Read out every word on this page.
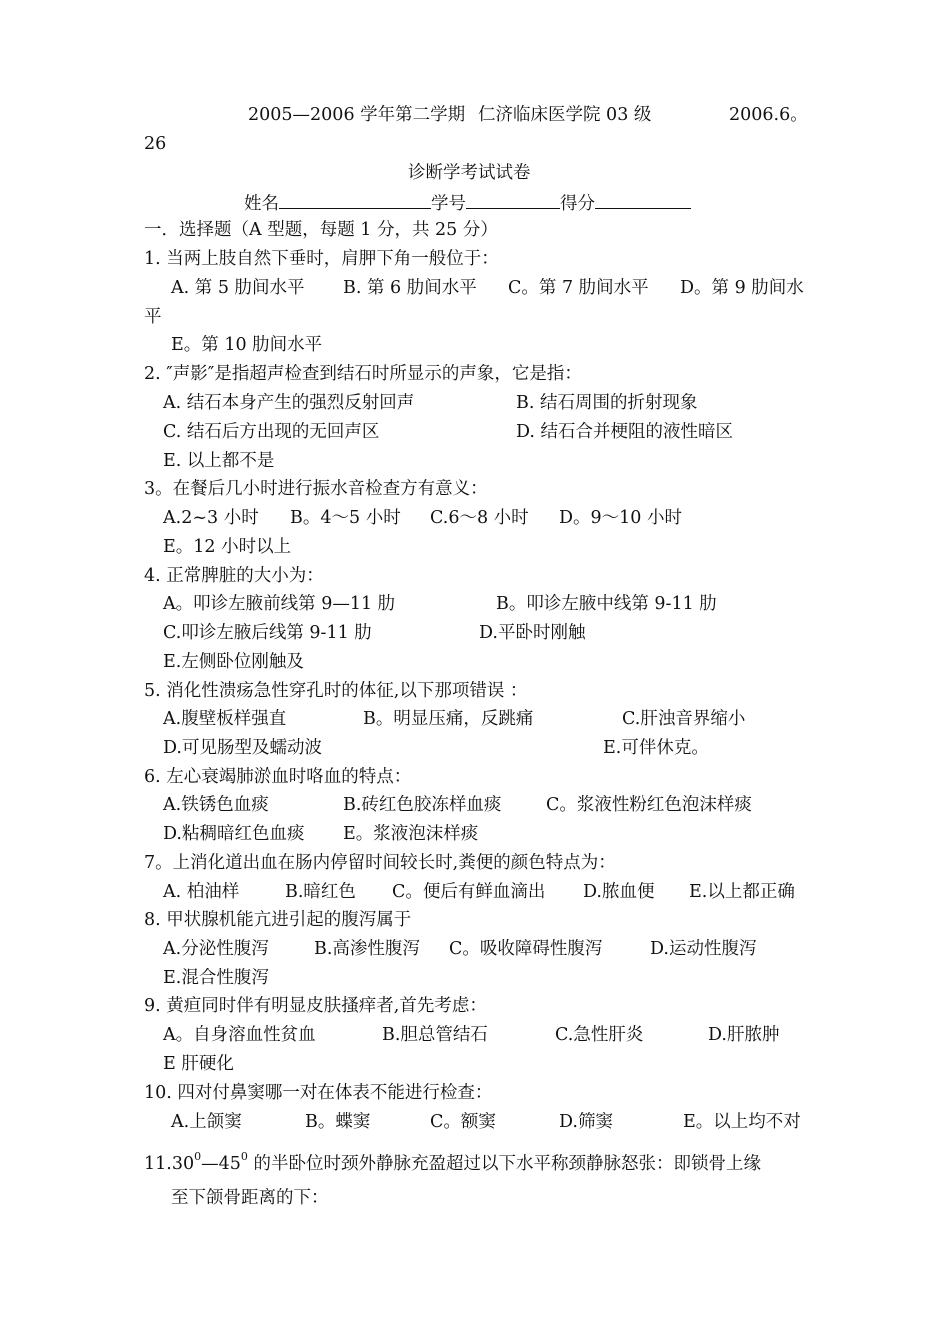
2005—2006 学年第二学期 仁济临床医学院 03 级	2006.6。
26
诊断学考试试卷
姓名	学号	得分
一．选择题（A 型题，每题 1 分，共 25 分）
1. 当两上肢自然下垂时，肩胛下角一般位于：
A. 第 5 肋间水平 B. 第 6 肋间水平 C。第 7 肋间水平 D。第 9 肋间水
平
E。第 10 肋间水平
2. ″声影″是指超声检查到结石时所显示的声象，它是指：
A. 结石本身产生的强烈反射回声	B. 结石周围的折射现象
C. 结石后方出现的无回声区	D. 结石合并梗阻的液性暗区
E. 以上都不是
3。在餐后几小时进行振水音检查方有意义：
A.2~3 小时 B。4～5 小时 C.6～8 小时 D。9～10 小时
E。12 小时以上
4. 正常脾脏的大小为：
A。叩诊左腋前线第 9—11 肋	B。叩诊左腋中线第 9-11 肋
C.叩诊左腋后线第 9-11 肋	D.平卧时刚触
E.左侧卧位刚触及
5. 消化性溃疡急性穿孔时的体征,以下那项错误 ：
A.腹壁板样强直	B。明显压痛，反跳痛	C.肝浊音界缩小
D.可见肠型及蠕动波	E.可伴休克。
6. 左心衰竭肺淤血时咯血的特点：
A.铁锈色血痰	B.砖红色胶冻样血痰	C。浆液性粉红色泡沫样痰
D.粘稠暗红色血痰 E。浆液泡沫样痰
7。上消化道出血在肠内停留时间较长时,粪便的颜色特点为：
A. 柏油样	B.暗红色 C。便后有鲜血滴出 D.脓血便 E.以上都正确
8. 甲状腺机能亢进引起的腹泻属于
A.分泌性腹泻	B.高渗性腹泻 C。吸收障碍性腹泻	D.运动性腹泻
E.混合性腹泻
9. 黄疸同时伴有明显皮肤搔痒者,首先考虑：
A。自身溶血性贫血	B.胆总管结石	C.急性肝炎	D.肝脓肿
E 肝硬化
10. 四对付鼻窦哪一对在体表不能进行检查：
A.上颌窦	B。蝶窦	C。额窦	D.筛窦	E。以上均不对
$11.30^0—45^0$ 的半卧位时颈外静脉充盈超过以下水平称颈静脉怒张：即锁骨上缘
至下颌骨距离的下：
